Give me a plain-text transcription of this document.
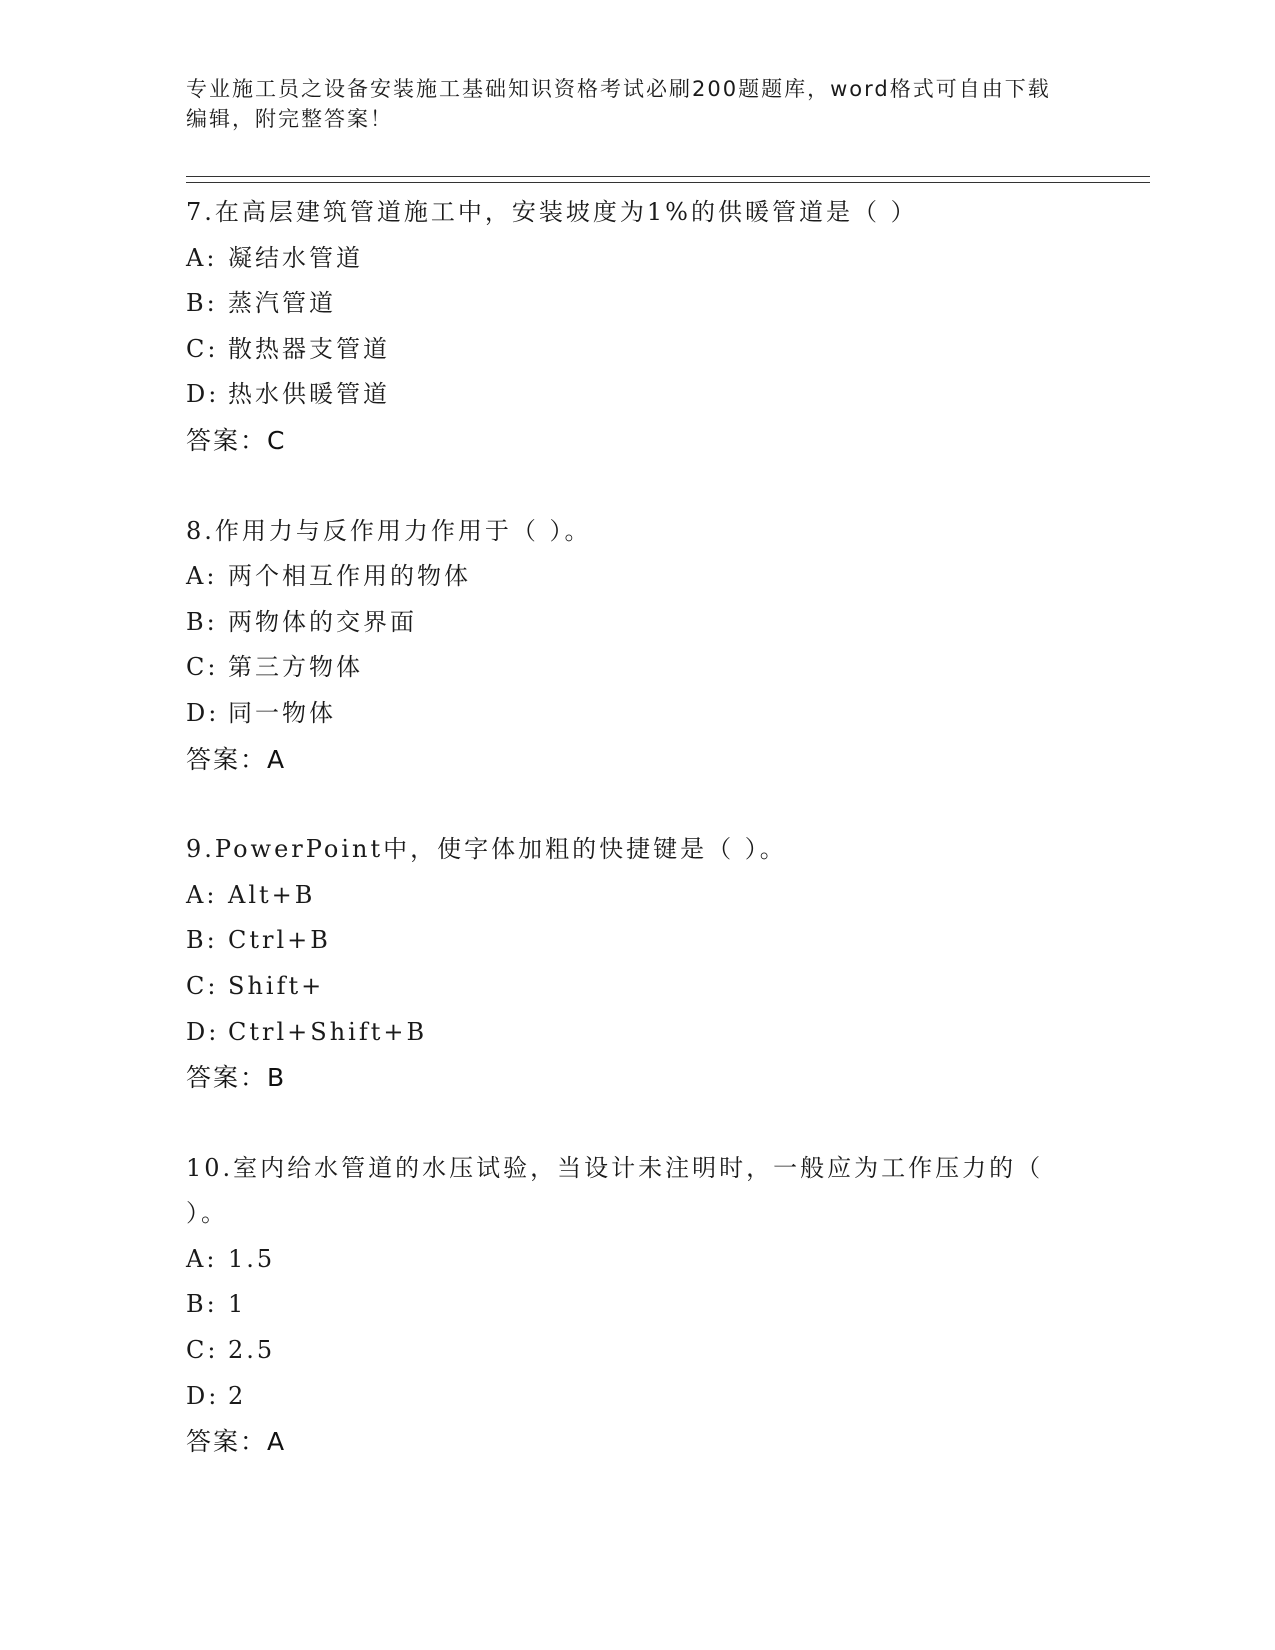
专业施工员之设备安装施工基础知识资格考试必刷200题题库，word格式可自由下载编辑，附完整答案！
7.在高层建筑管道施工中，安装坡度为1%的供暖管道是（ ）
A: 凝结水管道
B: 蒸汽管道
C: 散热器支管道
D: 热水供暖管道
答案：C
8.作用力与反作用力作用于（ ）。
A: 两个相互作用的物体
B: 两物体的交界面
C: 第三方物体
D: 同一物体
答案：A
9.PowerPoint中，使字体加粗的快捷键是（ ）。
A: Alt+B
B: Ctrl+B
C: Shift+
D: Ctrl+Shift+B
答案：B
10.室内给水管道的水压试验，当设计未注明时，一般应为工作压力的（ ）。
A: 1.5
B: 1
C: 2.5
D: 2
答案：A
